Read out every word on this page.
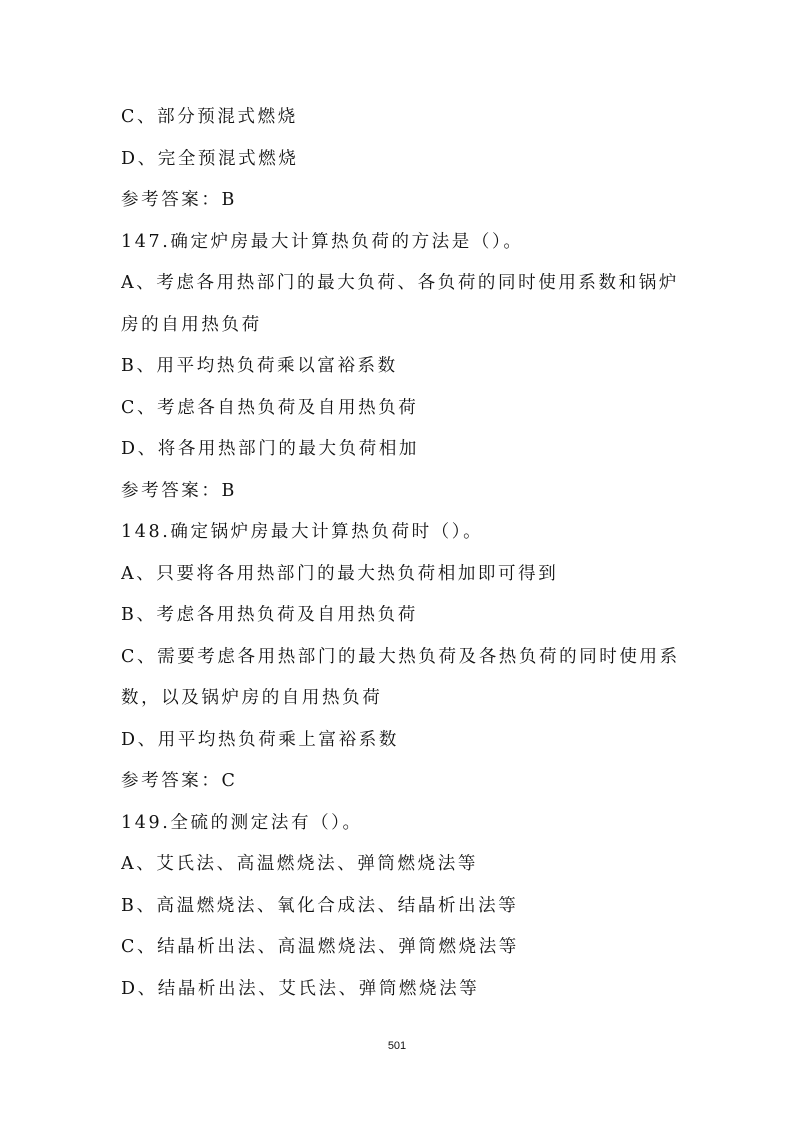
C、部分预混式燃烧
D、完全预混式燃烧
参考答案：B
147.确定炉房最大计算热负荷的方法是（）。
A、考虑各用热部门的最大负荷、各负荷的同时使用系数和锅炉
房的自用热负荷
B、用平均热负荷乘以富裕系数
C、考虑各自热负荷及自用热负荷
D、将各用热部门的最大负荷相加
参考答案：B
148.确定锅炉房最大计算热负荷时（）。
A、只要将各用热部门的最大热负荷相加即可得到
B、考虑各用热负荷及自用热负荷
C、需要考虑各用热部门的最大热负荷及各热负荷的同时使用系
数，以及锅炉房的自用热负荷
D、用平均热负荷乘上富裕系数
参考答案：C
149.全硫的测定法有（）。
A、艾氏法、高温燃烧法、弹筒燃烧法等
B、高温燃烧法、氧化合成法、结晶析出法等
C、结晶析出法、高温燃烧法、弹筒燃烧法等
D、结晶析出法、艾氏法、弹筒燃烧法等
501
